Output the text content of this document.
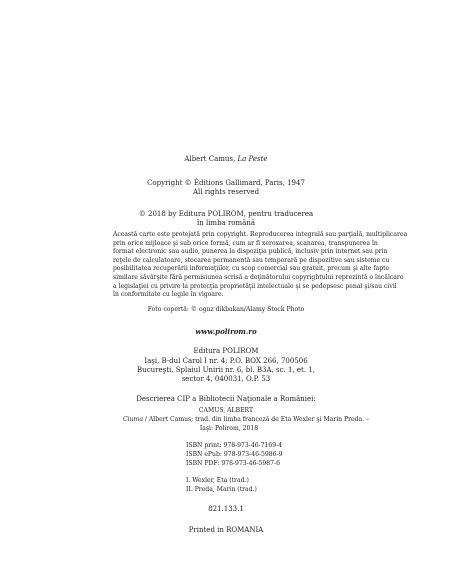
Albert Camus, La Peste
Copyright © Éditions Gallimard, Paris, 1947
All rights reserved
© 2018 by Editura POLIROM, pentru traducerea
în limba română
Această carte este protejată prin copyright. Reproducerea integrală sau parţială, multiplicarea
prin orice mijloace şi sub orice formă, cum ar fi xeroxarea, scanarea, transpunerea în
format electronic sau audio, punerea la dispoziţia publică, inclusiv prin internet sau prin
reţele de calculatoare, stocarea permanentă sau temporară pe dispozitive sau sisteme cu
posibilitatea recuperării informaţiilor, cu scop comercial sau gratuit, precum şi alte fapte
similare săvârşite fără permisiunea scrisă a deţinătorului copyrightului reprezintă o încălcare
a legislaţiei cu privire la protecţia proprietăţii intelectuale şi se pedepsesc penal şi/sau civil
în conformitate cu legile în vigoare.
Foto copertă: © oguz dikbakan/Alamy Stock Photo
www.polirom.ro
Editura POLIROM
Iaşi, B-dul Carol I nr. 4; P.O. BOX 266, 700506
Bucureşti, Splaiul Unirii nr. 6, bl. B3A, sc. 1, et. 1,
sector 4, 040031, O.P. 53
Descrierea CIP a Bibliotecii Naţionale a României:
CAMUS, ALBERT
Ciuma / Albert Camus; trad. din limba franceză de Eta Wexler şi Marin Preda. –
Iaşi: Polirom, 2018
ISBN print: 978-973-46-7169-4
ISBN ePub: 978-973-46-5986-9
ISBN PDF: 978-973-46-5987-6
I. Wexler, Eta (trad.)
II. Preda, Marin (trad.)
821.133.1
Printed in ROMANIA
